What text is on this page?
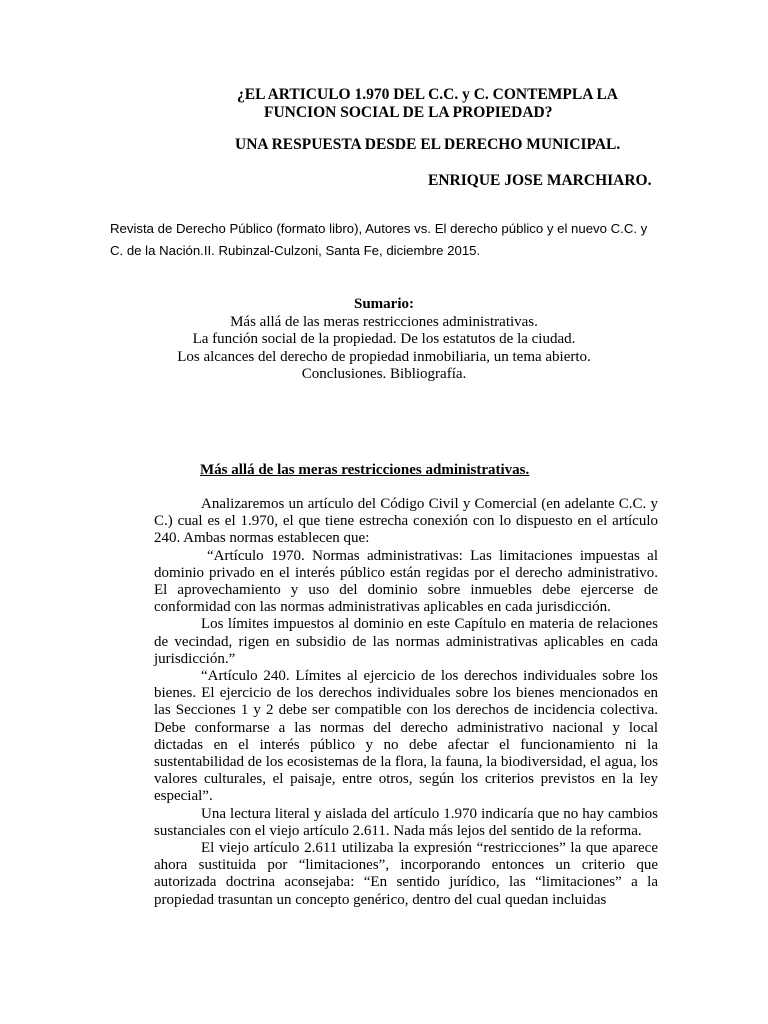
¿EL ARTICULO 1.970 DEL C.C. y C. CONTEMPLA LA
FUNCION SOCIAL DE LA PROPIEDAD?
UNA RESPUESTA DESDE EL DERECHO MUNICIPAL.
ENRIQUE JOSE MARCHIARO.
Revista de Derecho Público (formato libro), Autores vs. El derecho público y el nuevo C.C. y C. de la Nación.II. Rubinzal-Culzoni, Santa Fe, diciembre 2015.
Sumario:
Más allá de las meras restricciones administrativas.
La función social de la propiedad. De los estatutos de la ciudad.
Los alcances del derecho de propiedad inmobiliaria, un tema abierto.
Conclusiones. Bibliografía.
Más allá de las meras restricciones administrativas.

Analizaremos un artículo del Código Civil y Comercial (en adelante C.C. y C.) cual es el 1.970, el que tiene estrecha conexión con lo dispuesto en el artículo 240. Ambas normas establecen que:

“Artículo 1970. Normas administrativas: Las limitaciones impuestas al dominio privado en el interés público están regidas por el derecho administrativo. El aprovechamiento y uso del dominio sobre inmuebles debe ejercerse de conformidad con las normas administrativas aplicables en cada jurisdicción.

Los límites impuestos al dominio en este Capítulo en materia de relaciones de vecindad, rigen en subsidio de las normas administrativas aplicables en cada jurisdicción.”

“Artículo 240. Límites al ejercicio de los derechos individuales sobre los bienes. El ejercicio de los derechos individuales sobre los bienes mencionados en las Secciones 1 y 2 debe ser compatible con los derechos de incidencia colectiva. Debe conformarse a las normas del derecho administrativo nacional y local dictadas en el interés público y no debe afectar el funcionamiento ni la sustentabilidad de los ecosistemas de la flora, la fauna, la biodiversidad, el agua, los valores culturales, el paisaje, entre otros, según los criterios previstos en la ley especial”.

Una lectura literal y aislada del artículo 1.970 indicaría que no hay cambios sustanciales con el viejo artículo 2.611. Nada más lejos del sentido de la reforma.

El viejo artículo 2.611 utilizaba la expresión “restricciones” la que aparece ahora sustituida por “limitaciones”, incorporando entonces un criterio que autorizada doctrina aconsejaba: “En sentido jurídico, las “limitaciones” a la propiedad trasuntan un concepto genérico, dentro del cual quedan incluidas
